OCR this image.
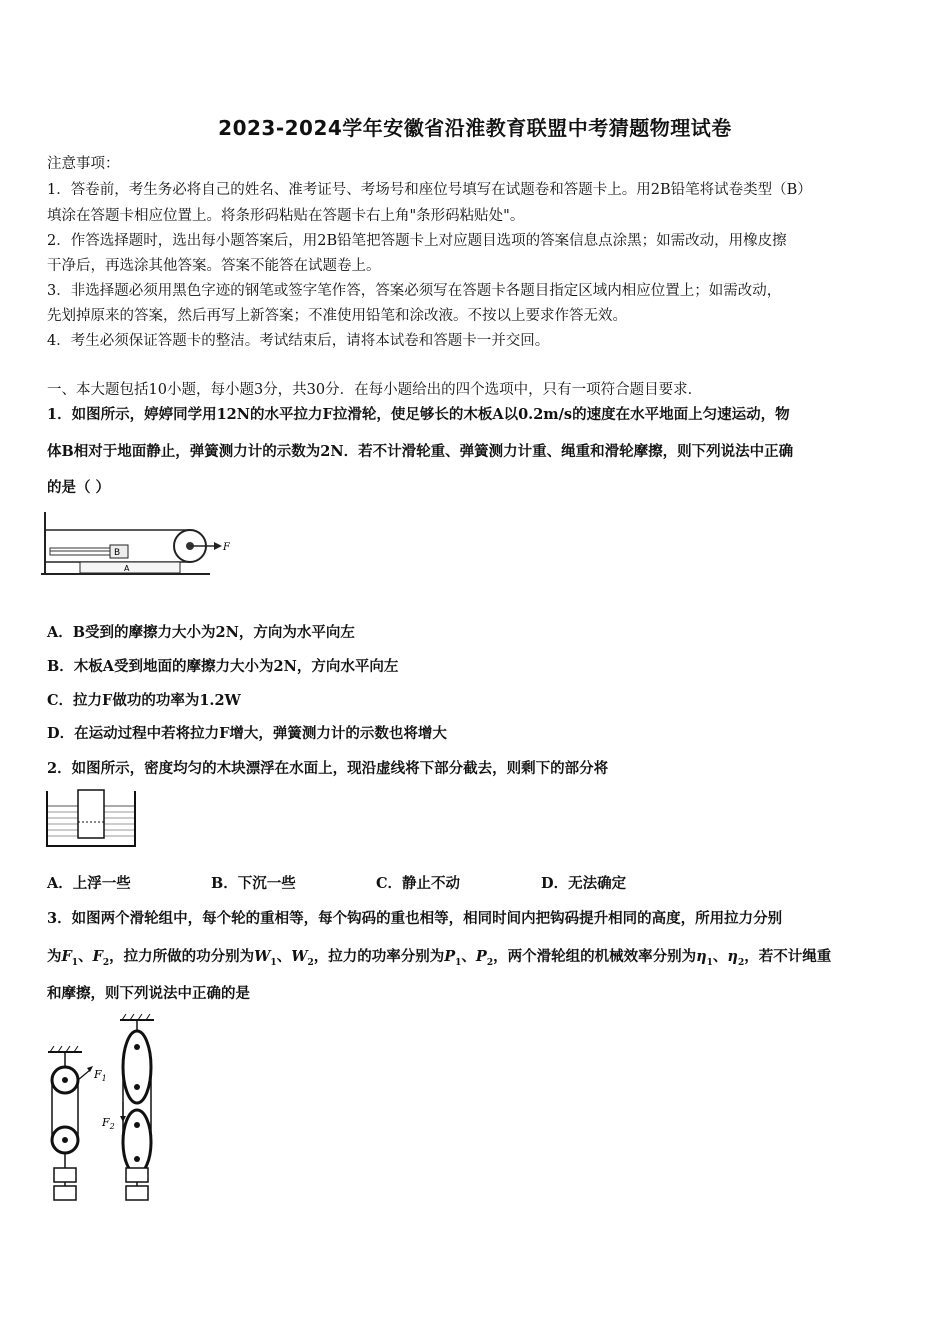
2023-2024学年安徽省沿淮教育联盟中考猜题物理试卷
注意事项：
1．答卷前，考生务必将自己的姓名、准考证号、考场号和座位号填写在试题卷和答题卡上。用2B铅笔将试卷类型（B）
填涂在答题卡相应位置上。将条形码粘贴在答题卡右上角"条形码粘贴处"。
2．作答选择题时，选出每小题答案后，用2B铅笔把答题卡上对应题目选项的答案信息点涂黑；如需改动，用橡皮擦
干净后，再选涂其他答案。答案不能答在试题卷上。
3．非选择题必须用黑色字迹的钢笔或签字笔作答，答案必须写在答题卡各题目指定区域内相应位置上；如需改动，
先划掉原来的答案，然后再写上新答案；不准使用铅笔和涂改液。不按以上要求作答无效。
4．考生必须保证答题卡的整洁。考试结束后，请将本试卷和答题卡一并交回。
一、本大题包括10小题，每小题3分，共30分．在每小题给出的四个选项中，只有一项符合题目要求．
1．如图所示，婷婷同学用12N的水平拉力F拉滑轮，使足够长的木板A以0.2m/s的速度在水平地面上匀速运动，物
体B相对于地面静止，弹簧测力计的示数为2N．若不计滑轮重、弹簧测力计重、绳重和滑轮摩擦，则下列说法中正确
的是（ ）
B
A
F
A．B受到的摩擦力大小为2N，方向为水平向左
B．木板A受到地面的摩擦力大小为2N，方向水平向左
C．拉力F做功的功率为1.2W
D．在运动过程中若将拉力F增大，弹簧测力计的示数也将增大
2．如图所示，密度均匀的木块漂浮在水面上，现沿虚线将下部分截去，则剩下的部分将
A．上浮一些	B．下沉一些	C．静止不动	D．无法确定
3．如图两个滑轮组中，每个轮的重相等，每个钩码的重也相等，相同时间内把钩码提升相同的高度，所用拉力分别
为$F_1$、$F_2$，拉力所做的功分别为$W_1$、$W_2$，拉力的功率分别为$P_1$、$P_2$，两个滑轮组的机械效率分别为$\eta_1$、$\eta_2$，若不计绳重
和摩擦，则下列说法中正确的是
$F_1$
$F_2$
